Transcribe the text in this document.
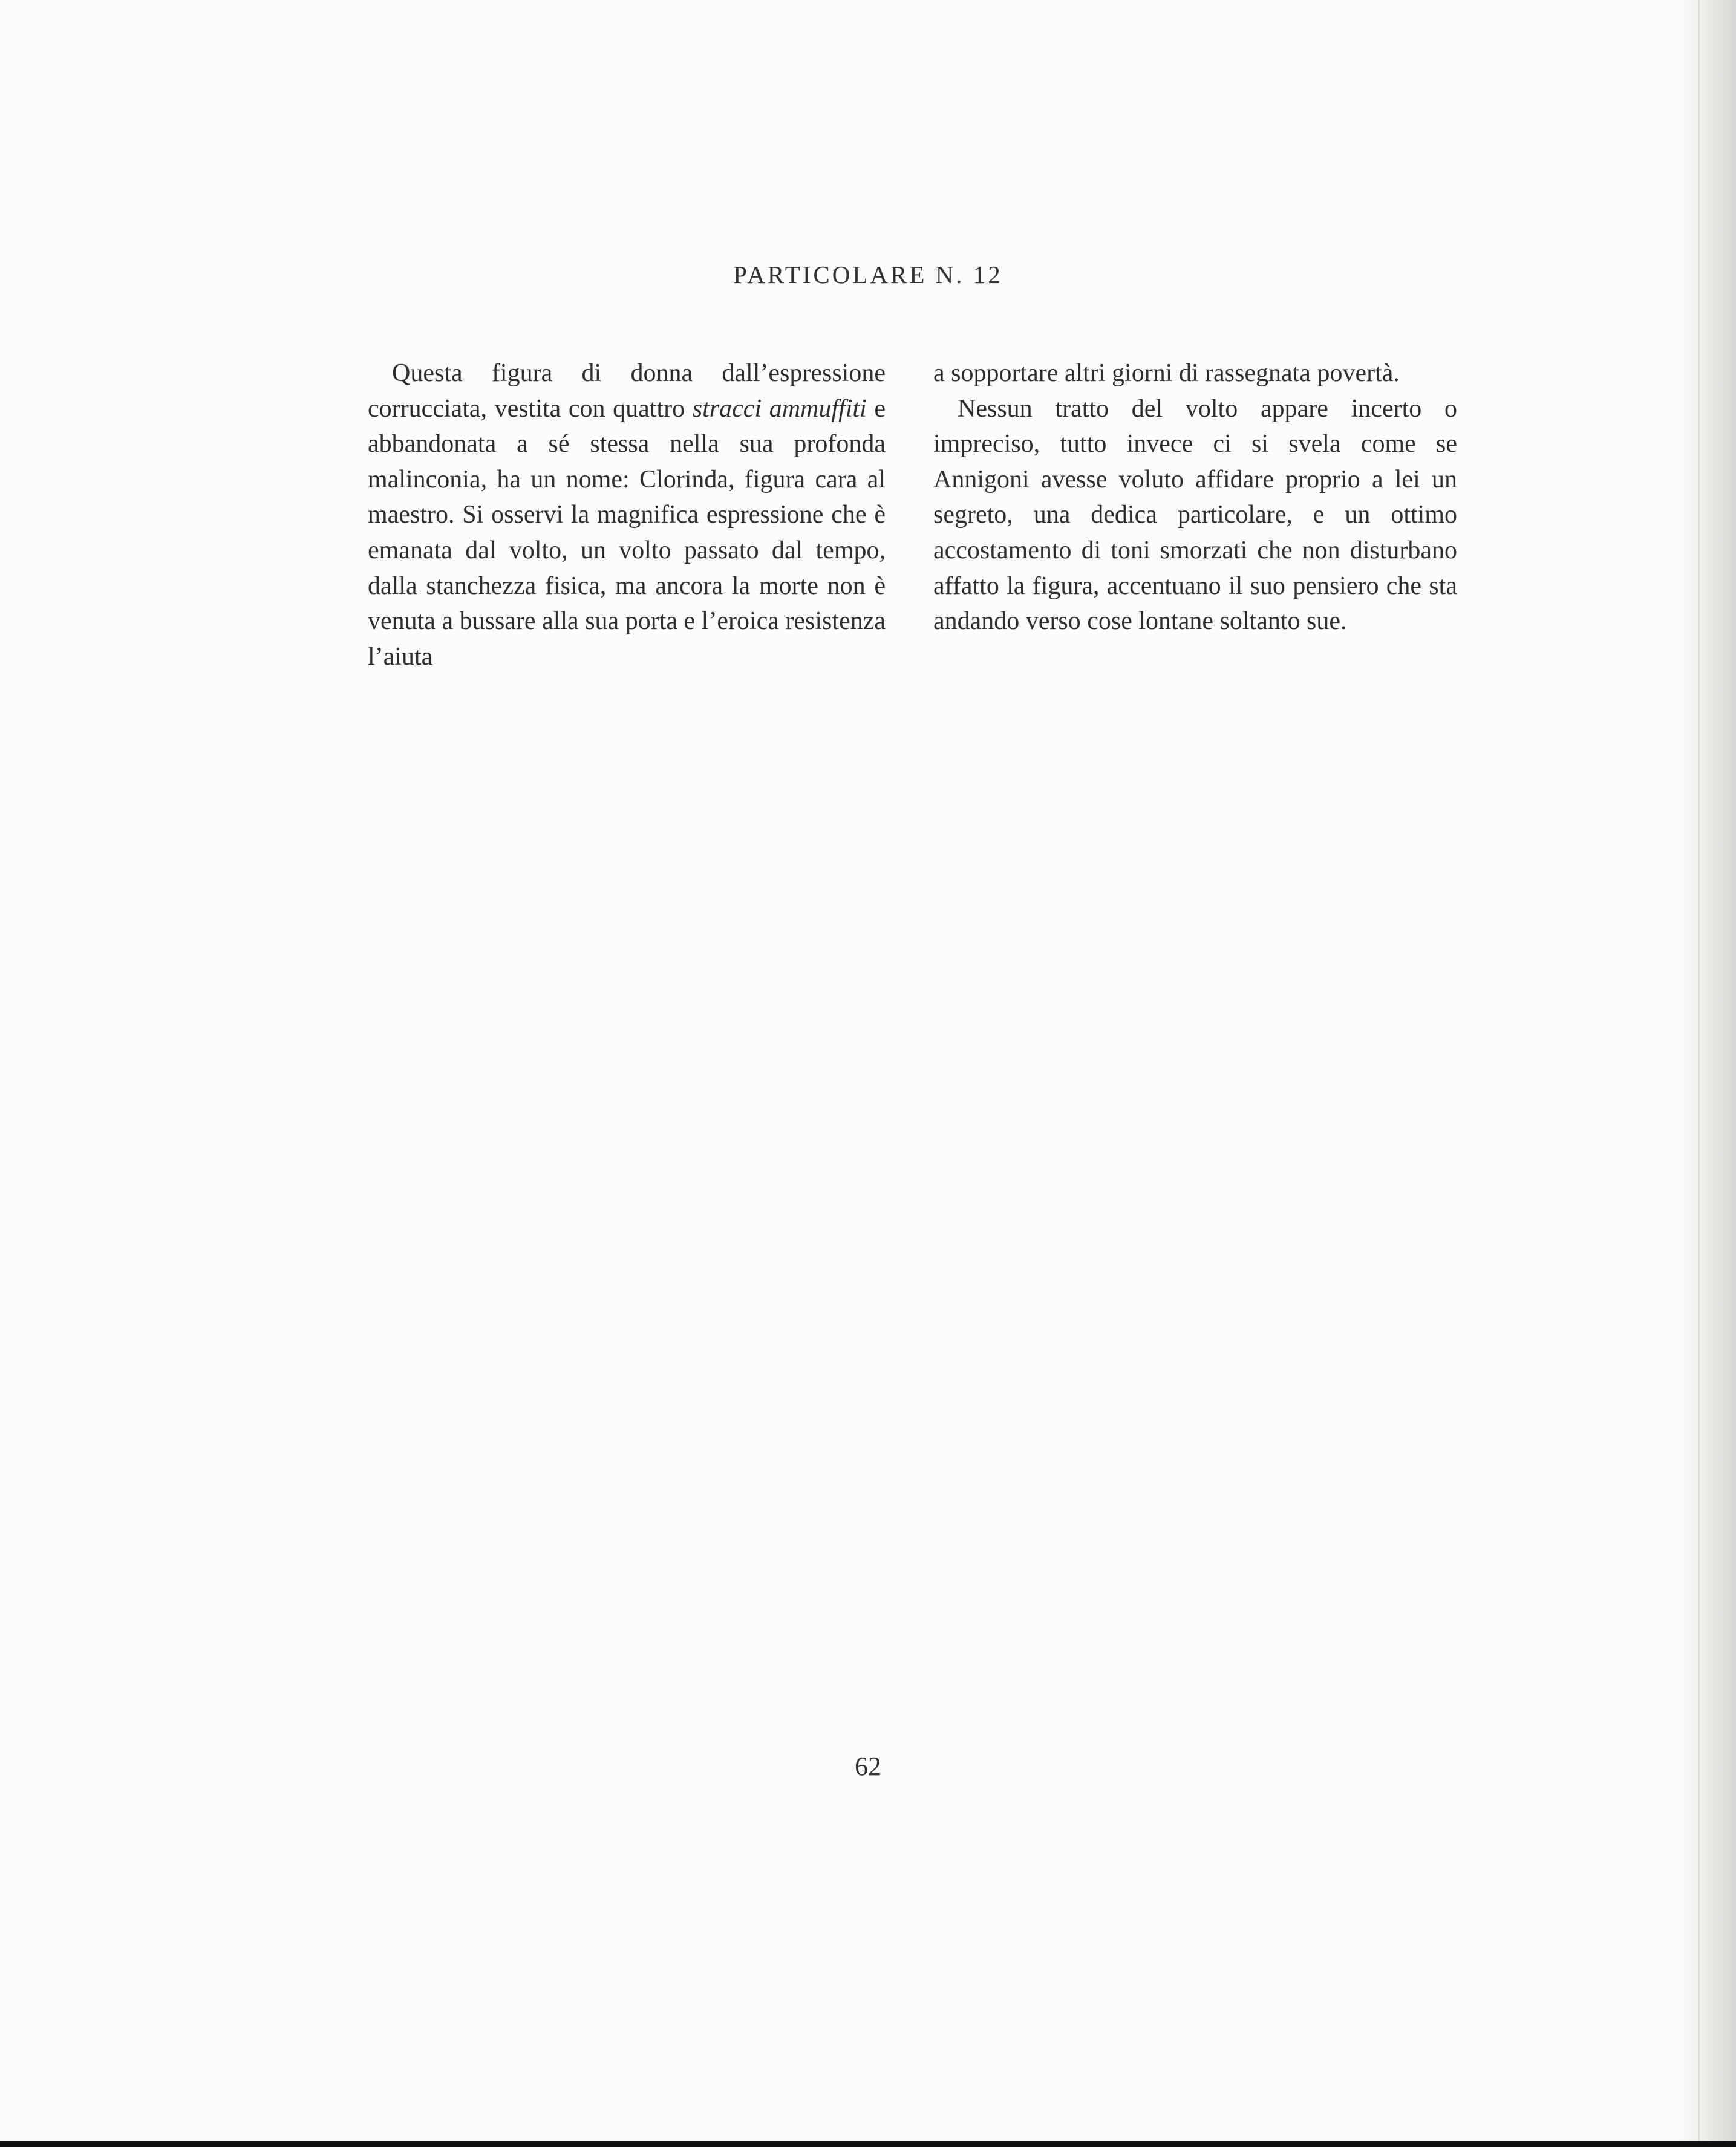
PARTICOLARE N. 12

Questa figura di donna dall’espressione corrucciata, vestita con quattro stracci ammuffiti e abbandonata a sé stessa nella sua profonda malinconia, ha un nome: Clorinda, figura cara al maestro. Si osservi la magnifica espressione che è emanata dal volto, un volto passato dal tempo, dalla stanchezza fisica, ma ancora la morte non è venuta a bussare alla sua porta e l’eroica resistenza l’aiuta

a sopportare altri giorni di rassegnata povertà.

Nessun tratto del volto appare incerto o impreciso, tutto invece ci si svela come se Annigoni avesse voluto affidare proprio a lei un segreto, una dedica particolare, e un ottimo accostamento di toni smorzati che non disturbano affatto la figura, accentuano il suo pensiero che sta andando verso cose lontane soltanto sue.

62
